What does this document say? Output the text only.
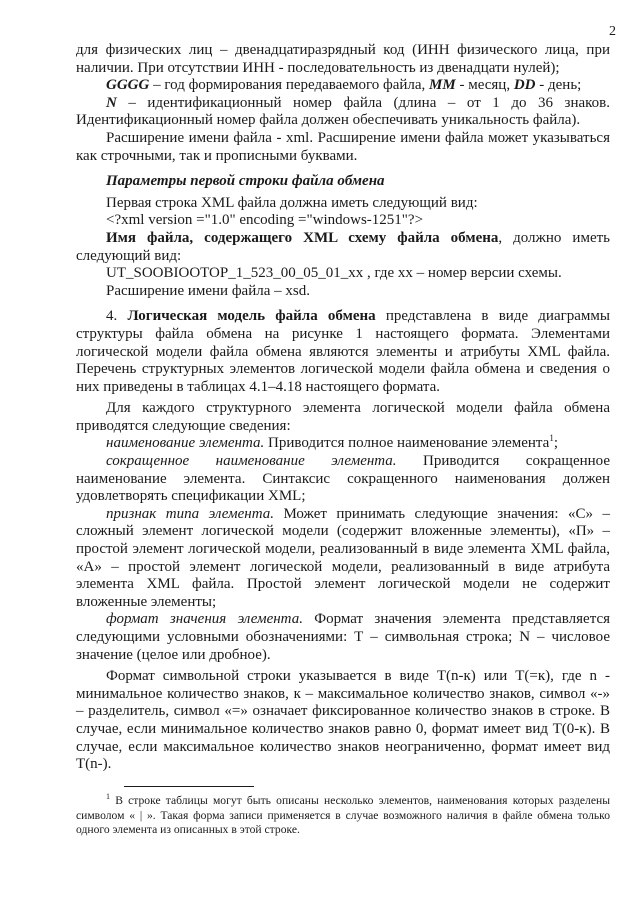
2

для физических лиц – двенадцатиразрядный код (ИНН физического лица, при наличии. При отсутствии ИНН - последовательность из двенадцати нулей);

GGGG – год формирования передаваемого файла, ММ - месяц, DD - день;

N – идентификационный номер файла (длина – от 1 до 36 знаков. Идентификационный номер файла должен обеспечивать уникальность файла).

Расширение имени файла - xml. Расширение имени файла может указываться как строчными, так и прописными буквами.

Параметры первой строки файла обмена

Первая строка XML файла должна иметь следующий вид:

<?xml version ="1.0" encoding ="windows-1251"?>

Имя файла, содержащего XML схему файла обмена, должно иметь следующий вид:

UT_SOOBIOOTOP_1_523_00_05_01_xx , где хх – номер версии схемы.

Расширение имени файла – xsd.

4. Логическая модель файла обмена представлена в виде диаграммы структуры файла обмена на рисунке 1 настоящего формата. Элементами логической модели файла обмена являются элементы и атрибуты XML файла. Перечень структурных элементов логической модели файла обмена и сведения о них приведены в таблицах 4.1–4.18 настоящего формата.

Для каждого структурного элемента логической модели файла обмена приводятся следующие сведения:

наименование элемента. Приводится полное наименование элемента$^1$;

сокращенное наименование элемента. Приводится сокращенное наименование элемента. Синтаксис сокращенного наименования должен удовлетворять спецификации XML;

признак типа элемента. Может принимать следующие значения: «С» – сложный элемент логической модели (содержит вложенные элементы), «П» – простой элемент логической модели, реализованный в виде элемента XML файла, «А» – простой элемент логической модели, реализованный в виде атрибута элемента XML файла. Простой элемент логической модели не содержит вложенные элементы;

формат значения элемента. Формат значения элемента представляется следующими условными обозначениями: Т – символьная строка; N – числовое значение (целое или дробное).

Формат символьной строки указывается в виде Т(n-к) или Т(=к), где n - минимальное количество знаков, к – максимальное количество знаков, символ «-» – разделитель, символ «=» означает фиксированное количество знаков в строке. В случае, если минимальное количество знаков равно 0, формат имеет вид Т(0-к). В случае, если максимальное количество знаков неограниченно, формат имеет вид Т(n-).

$^1$ В строке таблицы могут быть описаны несколько элементов, наименования которых разделены символом « | ». Такая форма записи применяется в случае возможного наличия в файле обмена только одного элемента из описанных в этой строке.
